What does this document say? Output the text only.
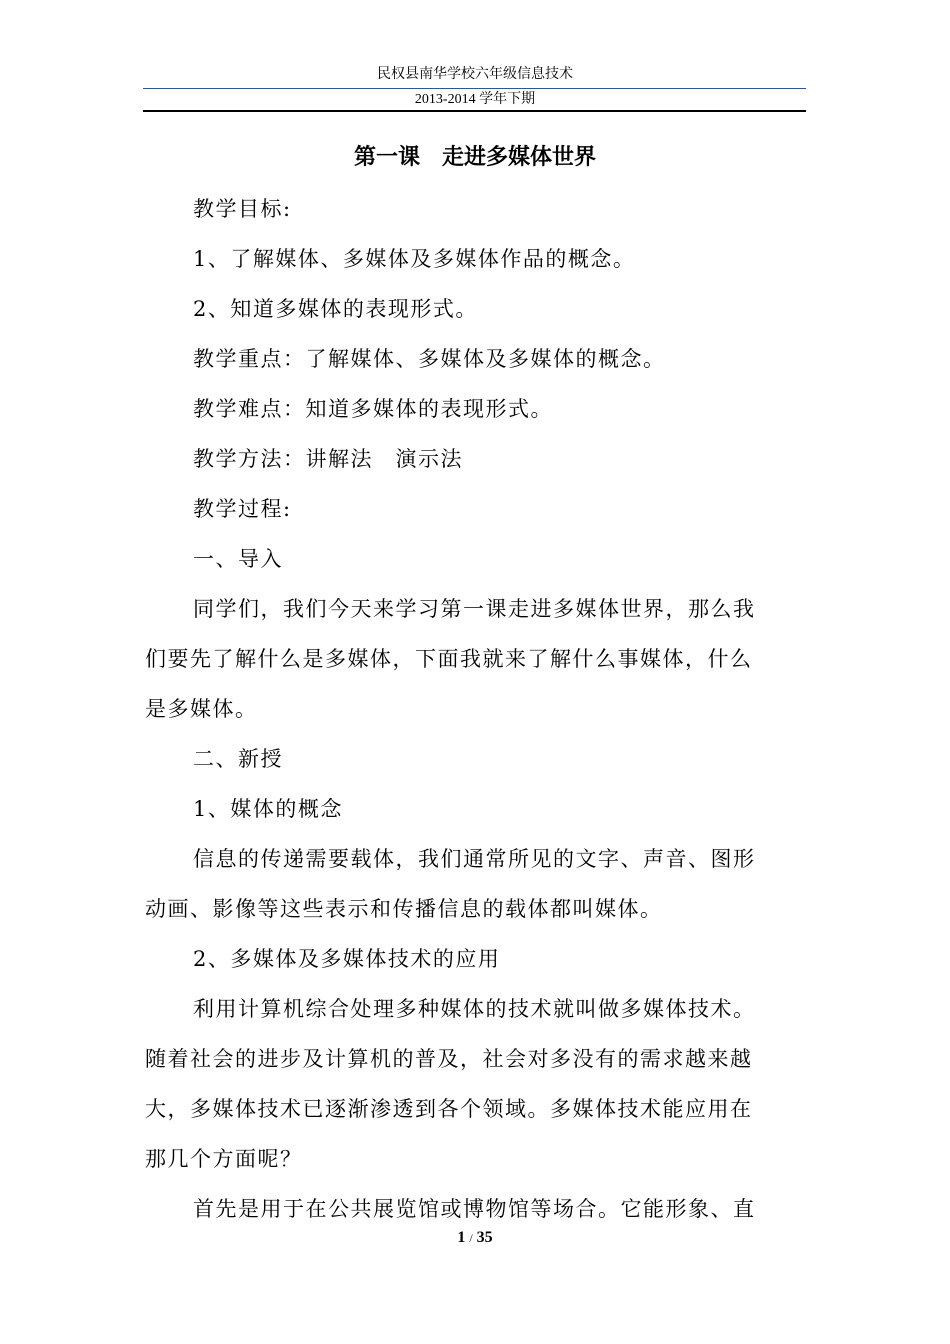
民权县南华学校六年级信息技术
2013-2014 学年下期
第一课　走进多媒体世界

教学目标:

1、了解媒体、多媒体及多媒体作品的概念。

2、知道多媒体的表现形式。

教学重点：了解媒体、多媒体及多媒体的概念。

教学难点：知道多媒体的表现形式。

教学方法：讲解法　演示法

教学过程:

一、导入

同学们，我们今天来学习第一课走进多媒体世界，那么我

们要先了解什么是多媒体，下面我就来了解什么事媒体，什么

是多媒体。

二、新授

1、媒体的概念

信息的传递需要载体，我们通常所见的文字、声音、图形

动画、影像等这些表示和传播信息的载体都叫媒体。

2、多媒体及多媒体技术的应用

利用计算机综合处理多种媒体的技术就叫做多媒体技术。

随着社会的进步及计算机的普及，社会对多没有的需求越来越

大，多媒体技术已逐渐渗透到各个领域。多媒体技术能应用在

那几个方面呢？

首先是用于在公共展览馆或博物馆等场合。它能形象、直

1 / 35
